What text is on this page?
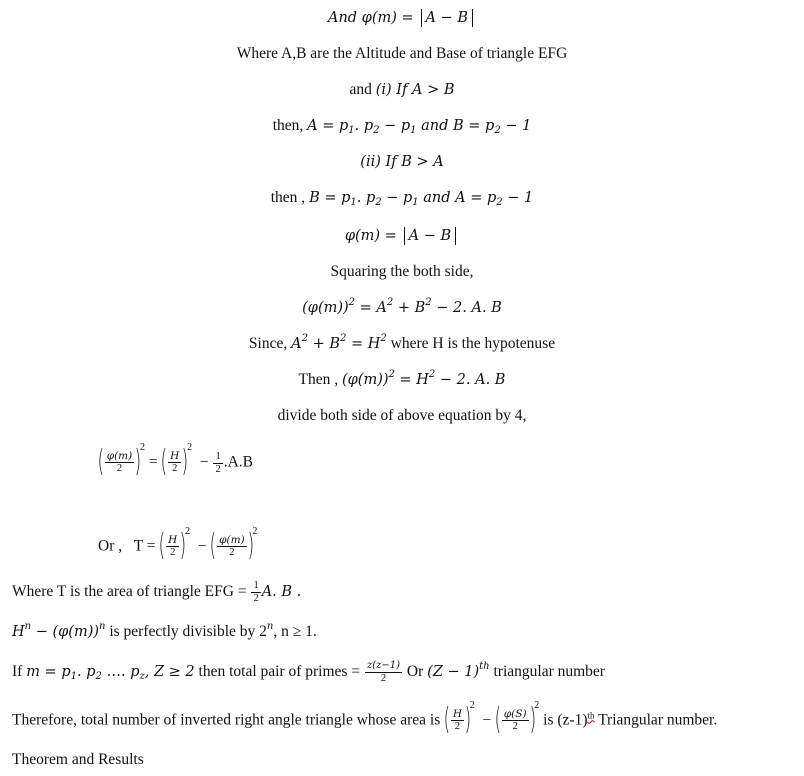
And φ(m) = A − B
Where A,B are the Altitude and Base of triangle EFG
and (i) If A > B
then, $A = p_1$. $p_2 - p_1$ and $B = p_2 - 1$
(ii) If B > A
then , $B = p_1$. $p_2 - p_1$ and $A = p_2 - 1$
φ(m) = A − B
Squaring the both side,
$(\varphi(m))^2 = A^2 + B^2 - 2$. A. B
Since, $A^2 + B^2 = H^2$ where H is the hypotenuse
Then , $(\varphi(m))^2 = H^2 - 2$. A. B
divide both side of above equation by 4,
( $\frac{\varphi(m)}{2} )^2$ = ( $\frac{H}{2} )^2 - \frac{1}{2} .A.B$
Or , T = ( $\frac{H}{2} )^2$  − ( $\frac{\varphi(m)}{2} )^2$
Where T is the area of triangle EFG = $\frac{1}{2} A$. B .
$H^n - (\varphi(m))^n$ is perfectly divisible by 2$^n$, n ≥ 1.
If $m = p_1$. $p_2$ …. $p_z$, Z ≥ 2 then total pair of primes = $\frac{z(z-1)}{2}$ Or $(Z - 1)^{th}$ triangular number
Therefore, total number of inverted right angle triangle whose area is ( $\frac{H}{2} )^2$  − ( $\frac{\varphi(S)}{2} )^2$ is $(z-1)^{th}$ Triangular number.
Theorem and Results
